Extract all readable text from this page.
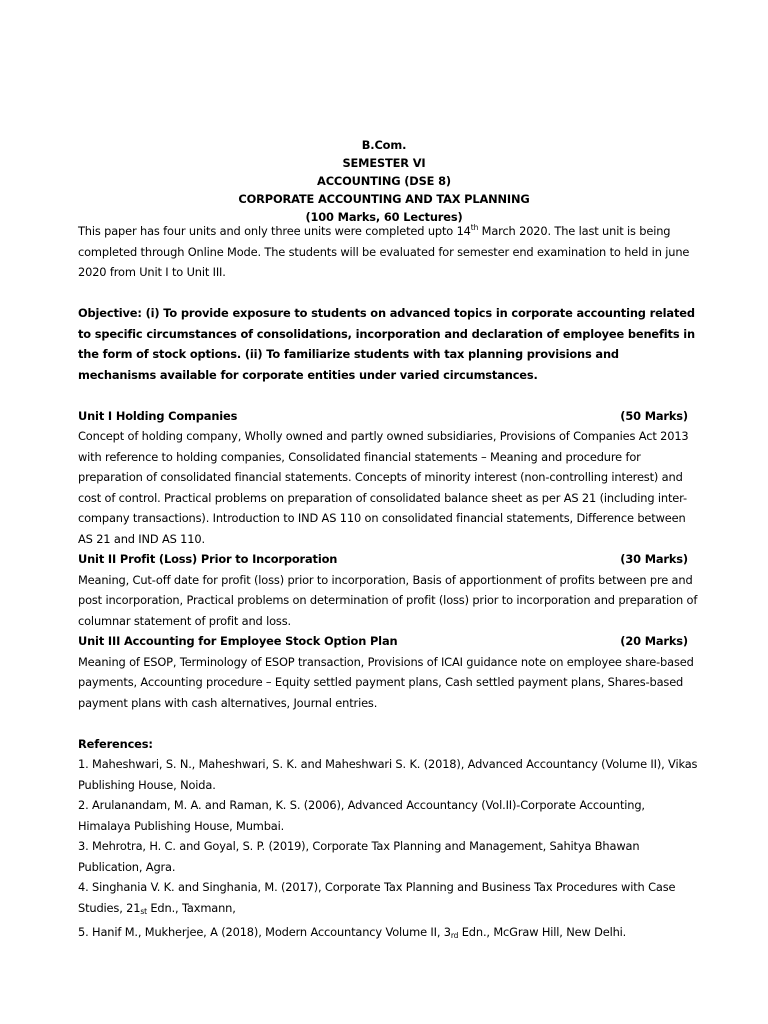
B.Com.
SEMESTER VI
ACCOUNTING (DSE 8)
CORPORATE ACCOUNTING AND TAX PLANNING
(100 Marks, 60 Lectures)

This paper has four units and only three units were completed upto 14th March 2020. The last unit is being completed through Online Mode. The students will be evaluated for semester end examination to held in june 2020 from Unit I to Unit III.

Objective: (i) To provide exposure to students on advanced topics in corporate accounting related to specific circumstances of consolidations, incorporation and declaration of employee benefits in the form of stock options. (ii) To familiarize students with tax planning provisions and mechanisms available for corporate entities under varied circumstances.

Unit I Holding Companies	(50 Marks)

Concept of holding company, Wholly owned and partly owned subsidiaries, Provisions of Companies Act 2013 with reference to holding companies, Consolidated financial statements – Meaning and procedure for preparation of consolidated financial statements. Concepts of minority interest (non-controlling interest) and cost of control. Practical problems on preparation of consolidated balance sheet as per AS 21 (including inter-company transactions). Introduction to IND AS 110 on consolidated financial statements, Difference between AS 21 and IND AS 110.

Unit II Profit (Loss) Prior to Incorporation	(30 Marks)

Meaning, Cut-off date for profit (loss) prior to incorporation, Basis of apportionment of profits between pre and post incorporation, Practical problems on determination of profit (loss) prior to incorporation and preparation of columnar statement of profit and loss.

Unit III Accounting for Employee Stock Option Plan	(20 Marks)

Meaning of ESOP, Terminology of ESOP transaction, Provisions of ICAI guidance note on employee share-based payments, Accounting procedure – Equity settled payment plans, Cash settled payment plans, Shares-based payment plans with cash alternatives, Journal entries.

References:

1. Maheshwari, S. N., Maheshwari, S. K. and Maheshwari S. K. (2018), Advanced Accountancy (Volume II), Vikas Publishing House, Noida.

2. Arulanandam, M. A. and Raman, K. S. (2006), Advanced Accountancy (Vol.II)-Corporate Accounting, Himalaya Publishing House, Mumbai.

3. Mehrotra, H. C. and Goyal, S. P. (2019), Corporate Tax Planning and Management, Sahitya Bhawan Publication, Agra.

4. Singhania V. K. and Singhania, M. (2017), Corporate Tax Planning and Business Tax Procedures with Case Studies, $21_{st}$ Edn., Taxmann,

5. Hanif M., Mukherjee, A (2018), Modern Accountancy Volume II, $3_{rd}$ Edn., McGraw Hill, New Delhi.
